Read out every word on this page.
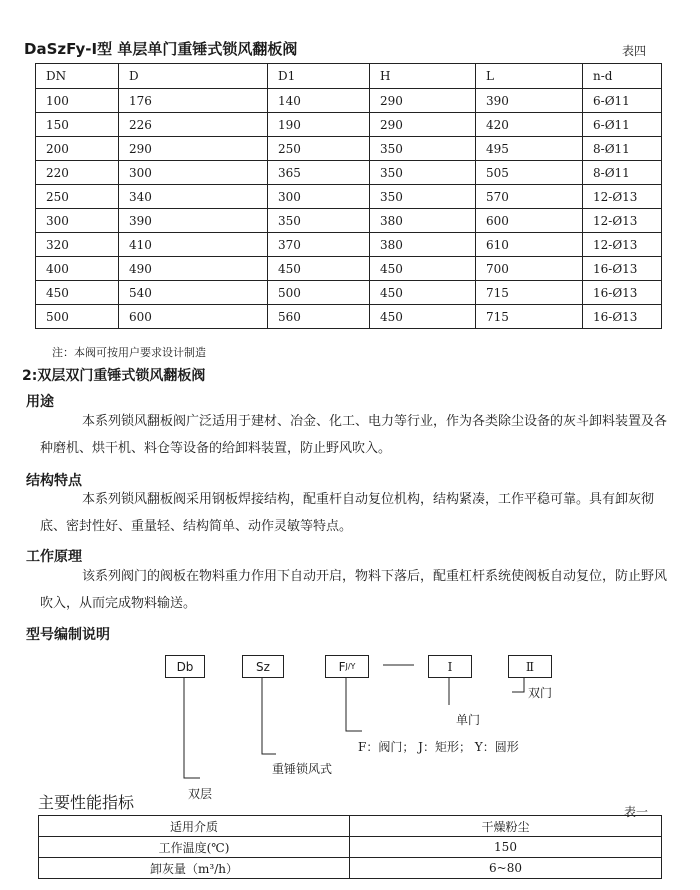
DaSzFy-Ⅰ型 单层单门重锤式锁风翻板阀	表四
DN	D	D1	H	L	n-d
100	176	140	290	390	6-Ø11
150	226	190	290	420	6-Ø11
200	290	250	350	495	8-Ø11
220	300	365	350	505	8-Ø11
250	340	300	350	570	12-Ø13
300	390	350	380	600	12-Ø13
320	410	370	380	610	12-Ø13
400	490	450	450	700	16-Ø13
450	540	500	450	715	16-Ø13
500	600	560	450	715	16-Ø13
注：本阀可按用户要求设计制造
2:双层双门重锤式锁风翻板阀
用途
本系列锁风翻板阀广泛适用于建材、冶金、化工、电力等行业，作为各类除尘设备的灰斗卸料装置及各种磨机、烘干机、料仓等设备的给卸料装置，防止野风吹入。
结构特点
本系列锁风翻板阀采用钢板焊接结构，配重杆自动复位机构，结构紧凑，工作平稳可靠。具有卸灰彻底、密封性好、重量轻、结构简单、动作灵敏等特点。
工作原理
该系列阀门的阀板在物料重力作用下自动开启，物料下落后，配重杠杆系统使阀板自动复位，防止野风吹入，从而完成物料输送。
型号编制说明
Db	Sz	F J/Y	Ⅰ	Ⅱ
双门
单门
F：阀门； J：矩形； Y：圆形
重锤锁风式
双层
主要性能指标	表一
适用介质	干燥粉尘
工作温度(℃)	150
卸灰量（m³/h）	6~80
